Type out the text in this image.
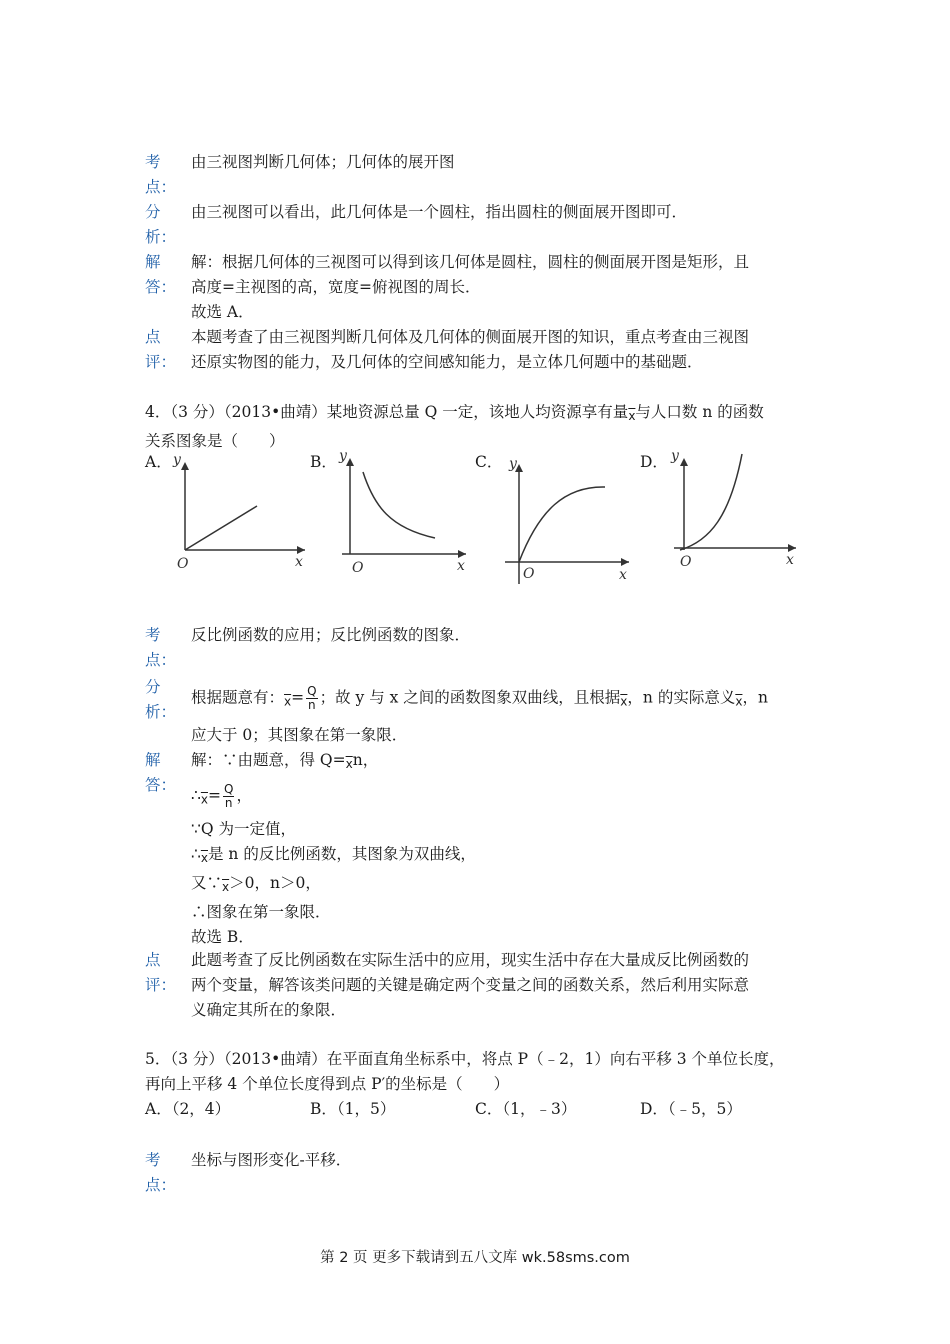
考
点：
由三视图判断几何体；几何体的展开图
分
析：
由三视图可以看出，此几何体是一个圆柱，指出圆柱的侧面展开图即可．
解
答：
解：根据几何体的三视图可以得到该几何体是圆柱，圆柱的侧面展开图是矩形，且
高度=主视图的高，宽度=俯视图的周长．
故选 A．
点
评：
本题考查了由三视图判断几何体及几何体的侧面展开图的知识，重点考查由三视图
还原实物图的能力，及几何体的空间感知能力，是立体几何题中的基础题．
4．（3 分）（2013•曲靖）某地资源总量 Q 一定，该地人均资源享有量$\overline{x}$与人口数 n 的函数
关系图象是（　　）
A．	B．	C．	D．
y
x
O
y
x
O
y
x
O
y
x
O
考
点：
反比例函数的应用；反比例函数的图象．
分
析：
根据题意有：$\overline{x}= \frac{Q}{n}$ ；故 y 与 x 之间的函数图象双曲线，且根据$\overline{x}$，n 的实际意义$\overline{x}$，n
应大于 0；其图象在第一象限．
解
答：
解：∵由题意，得 $Q=\overline{x}n$，
$\therefore\overline{x}= \frac{Q}{n}$ ，
∵Q 为一定值，
$\therefore\overline{x}$是 n 的反比例函数，其图象为双曲线，
又$\because\overline{x}>0$，n＞0，
∴图象在第一象限．
故选 B．
点
评：
此题考查了反比例函数在实际生活中的应用，现实生活中存在大量成反比例函数的
两个变量，解答该类问题的关键是确定两个变量之间的函数关系，然后利用实际意
义确定其所在的象限．
5．（3 分）（2013•曲靖）在平面直角坐标系中，将点 P（﹣2，1）向右平移 3 个单位长度，
再向上平移 4 个单位长度得到点 P′的坐标是（　　）
A．（2，4）	B．（1，5）	C．（1，﹣3）	D．（﹣5，5）
考
点：
坐标与图形变化-平移．
第 2 页 更多下载请到五八文库 wk.58sms.com
